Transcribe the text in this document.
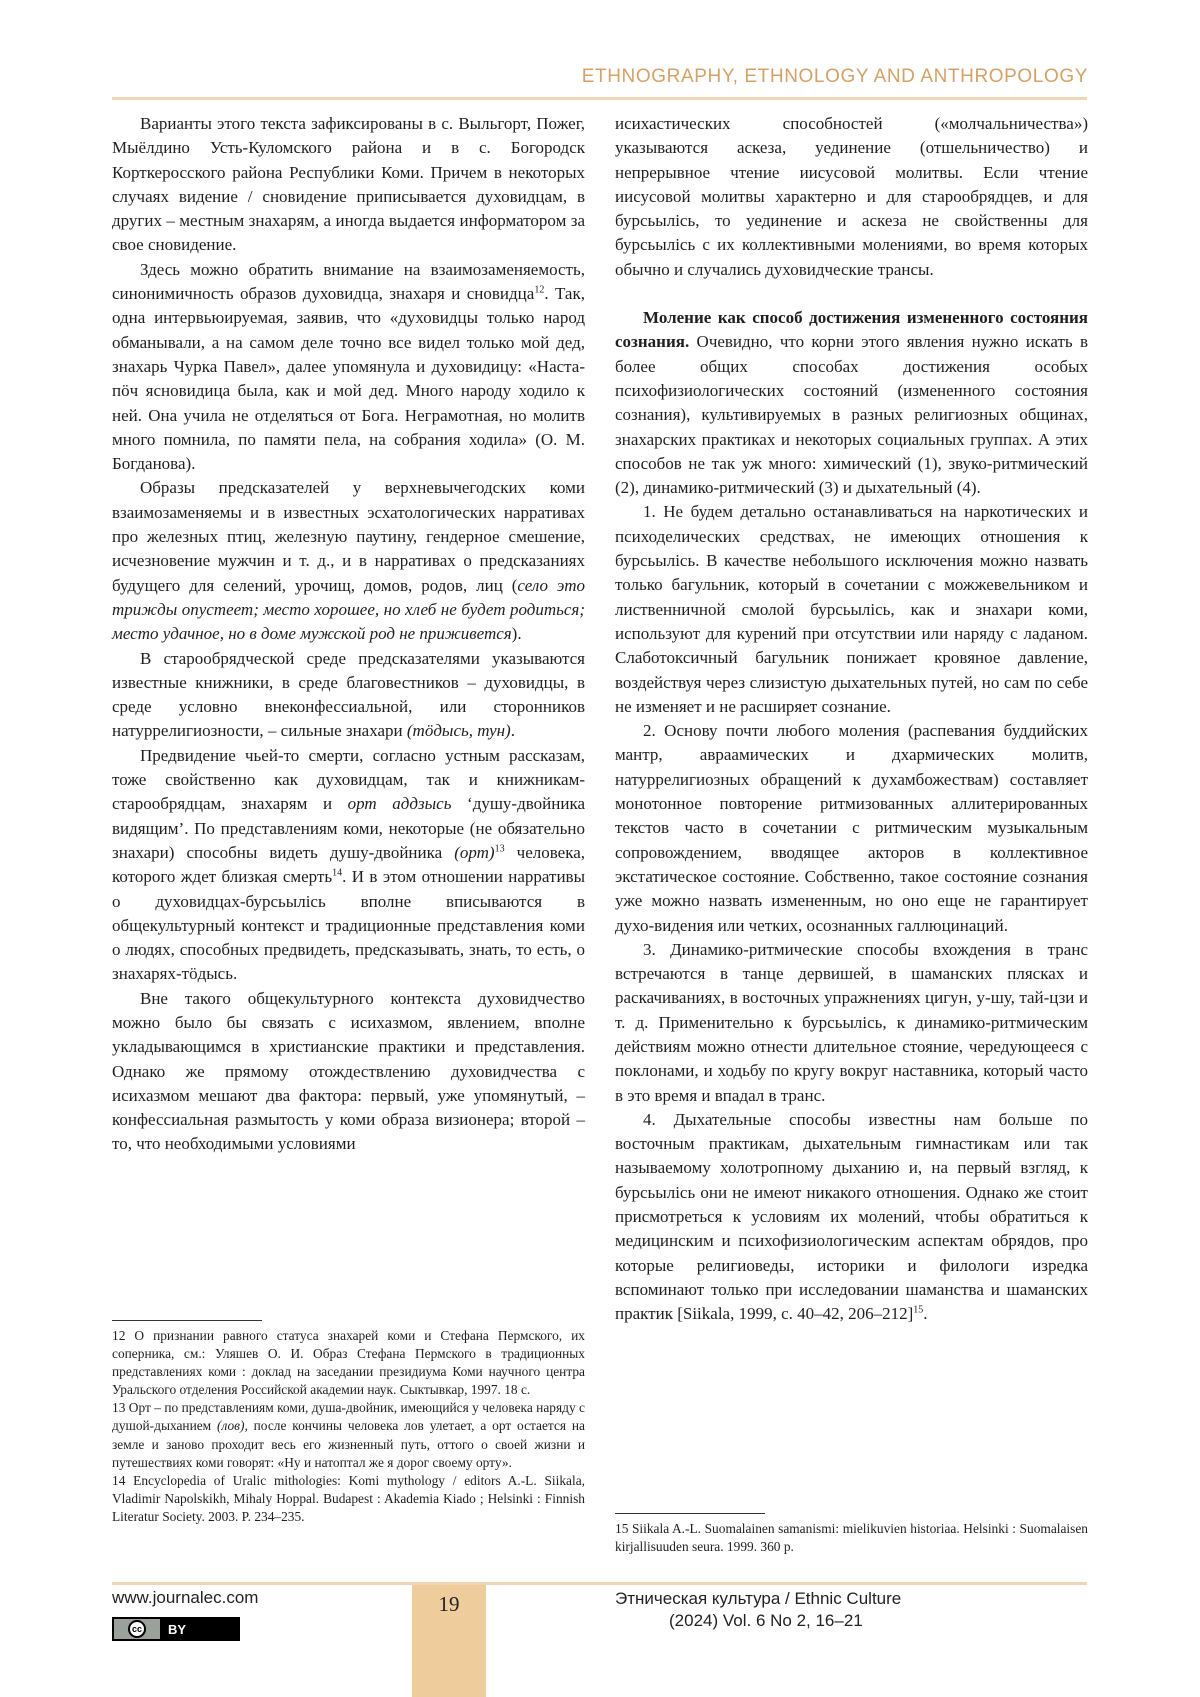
ETHNOGRAPHY, ETHNOLOGY AND ANTHROPOLOGY

Варианты этого текста зафиксированы в с. Выльгорт, Пожег, Мыёлдино Усть-Куломского района и в с. Богородск Корткеросского района Республики Коми. Причем в некоторых случаях видение / сновидение приписывается духовидцам, в других – местным знахарям, а иногда выдается информатором за свое сновидение.

Здесь можно обратить внимание на взаимозаменяемость, синонимичность образов духовидца, знахаря и сновидца$^{12}$. Так, одна интервьюируемая, заявив, что «духовидцы только народ обманывали, а на самом деле точно все видел только мой дед, знахарь Чурка Павел», далее упомянула и духовидицу: «Наста-пӧч ясновидица была, как и мой дед. Много народу ходило к ней. Она учила не отделяться от Бога. Неграмотная, но молитв много помнила, по памяти пела, на собрания ходила» (О. М. Богданова).

Образы предсказателей у верхневычегодских коми взаимозаменяемы и в известных эсхатологических нарративах про железных птиц, железную паутину, гендерное смешение, исчезновение мужчин и т. д., и в нарративах о предсказаниях будущего для селений, урочищ, домов, родов, лиц (село это трижды опустеет; место хорошее, но хлеб не будет родиться; место удачное, но в доме мужской род не приживется).

В старообрядческой среде предсказателями указываются известные книжники, в среде благовестников – духовидцы, в среде условно внеконфессиальной, или сторонников натуррелигиозности, – сильные знахари (тӧдысь, тун).

Предвидение чьей-то смерти, согласно устным рассказам, тоже свойственно как духовидцам, так и книжникам-старообрядцам, знахарям и орт аддзысь ‘душу-двойника видящим’. По представлениям коми, некоторые (не обязательно знахари) способны видеть душу-двойника (орт)$^{13}$ человека, которого ждет близкая смерть$^{14}$. И в этом отношении нарративы о духовидцах-бурсьылісь вполне вписываются в общекультурный контекст и традиционные представления коми о людях, способных предвидеть, предсказывать, знать, то есть, о знахарях-тӧдысь.

Вне такого общекультурного контекста духовидчество можно было бы связать с исихазмом, явлением, вполне укладывающимся в христианские практики и представления. Однако же прямому отождествлению духовидчества с исихазмом мешают два фактора: первый, уже упомянутый, – конфессиальная размытость у коми образа визионера; второй – то, что необходимыми условиями

12 О признании равного статуса знахарей коми и Стефана Пермского, их соперника, см.: Уляшев О. И. Образ Стефана Пермского в традиционных представлениях коми : доклад на заседании президиума Коми научного центра Уральского отделения Российской академии наук. Сыктывкар, 1997. 18 с.

13 Орт – по представлениям коми, душа-двойник, имеющийся у человека наряду с душой-дыханием (лов), после кончины человека лов улетает, а орт остается на земле и заново проходит весь его жизненный путь, оттого о своей жизни и путешествиях коми говорят: «Ну и натоптал же я дорог своему орту».

14 Encyclopedia of Uralic mithologies: Komi mythology / editors A.-L. Siikala, Vladimir Napolskikh, Mihaly Hoppal. Budapest : Akademia Kiado ; Helsinki : Finnish Literatur Society. 2003. P. 234–235.

исихастических способностей («молчальничества») указываются аскеза, уединение (отшельничество) и непрерывное чтение иисусовой молитвы. Если чтение иисусовой молитвы характерно и для старообрядцев, и для бурсьылісь, то уединение и аскеза не свойственны для бурсьылісь с их коллективными молениями, во время которых обычно и случались духовидческие трансы.

Моление как способ достижения измененного состояния сознания. Очевидно, что корни этого явления нужно искать в более общих способах достижения особых психофизиологических состояний (измененного состояния сознания), культивируемых в разных религиозных общинах, знахарских практиках и некоторых социальных группах. А этих способов не так уж много: химический (1), звуко-ритмический (2), динамико-ритмический (3) и дыхательный (4).

1. Не будем детально останавливаться на наркотических и психоделических средствах, не имеющих отношения к бурсьылісь. В качестве небольшого исключения можно назвать только багульник, который в сочетании с можжевельником и лиственничной смолой бурсьылісь, как и знахари коми, используют для курений при отсутствии или наряду с ладаном. Слаботоксичный багульник понижает кровяное давление, воздействуя через слизистую дыхательных путей, но сам по себе не изменяет и не расширяет сознание.

2. Основу почти любого моления (распевания буддийских мантр, авраамических и дхармических молитв, натуррелигиозных обращений к духамбожествам) составляет монотонное повторение ритмизованных аллитерированных текстов часто в сочетании с ритмическим музыкальным сопровождением, вводящее акторов в коллективное экстатическое состояние. Собственно, такое состояние сознания уже можно назвать измененным, но оно еще не гарантирует духо-видения или четких, осознанных галлюцинаций.

3. Динамико-ритмические способы вхождения в транс встречаются в танце дервишей, в шаманских плясках и раскачиваниях, в восточных упражнениях цигун, у-шу, тай-цзи и т. д. Применительно к бурсьылісь, к динамико-ритмическим действиям можно отнести длительное стояние, чередующееся с поклонами, и ходьбу по кругу вокруг наставника, который часто в это время и впадал в транс.

4. Дыхательные способы известны нам больше по восточным практикам, дыхательным гимнастикам или так называемому холотропному дыханию и, на первый взгляд, к бурсьылісь они не имеют никакого отношения. Однако же стоит присмотреться к условиям их молений, чтобы обратиться к медицинским и психофизиологическим аспектам обрядов, про которые религиоведы, историки и филологи изредка вспоминают только при исследовании шаманства и шаманских практик [Siikala, 1999, с. 40–42, 206–212]$^{15}$.

15 Siikala A.-L. Suomalainen samanismi: mielikuvien historiaa. Helsinki : Suomalaisen kirjallisuuden seura. 1999. 360 p.

19
www.journalec.com
cc	BY
Этническая культура / Ethnic Culture
(2024) Vol. 6 No 2, 16–21
